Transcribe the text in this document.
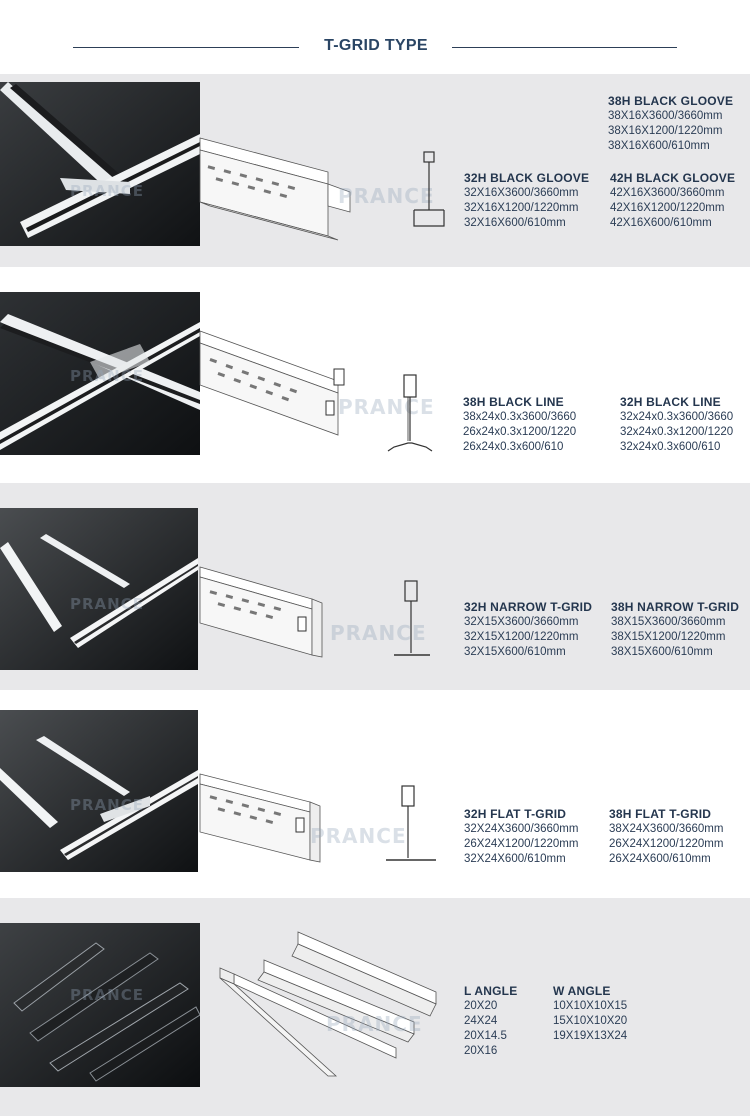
T-GRID TYPE
PRANCE
PRANCE
38H BLACK GLOOVE
38X16X3600/3660mm
38X16X1200/1220mm
38X16X600/610mm
32H BLACK GLOOVE
32X16X3600/3660mm
32X16X1200/1220mm
32X16X600/610mm
42H BLACK GLOOVE
42X16X3600/3660mm
42X16X1200/1220mm
42X16X600/610mm
PRANCE
PRANCE
38H BLACK LINE
38x24x0.3x3600/3660
26x24x0.3x1200/1220
26x24x0.3x600/610
32H BLACK LINE
32x24x0.3x3600/3660
32x24x0.3x1200/1220
32x24x0.3x600/610
PRANCE
PRANCE	32H NARROW T-GRID
32X15X3600/3660mm
32X15X1200/1220mm
32X15X600/610mm
38H NARROW T-GRID
38X15X3600/3660mm
38X15X1200/1220mm
38X15X600/610mm
PRANCE
PRANCE	32H FLAT T-GRID
32X24X3600/3660mm
26X24X1200/1220mm
32X24X600/610mm
38H FLAT T-GRID
38X24X3600/3660mm
26X24X1200/1220mm
26X24X600/610mm
PRANCE
PRANCE	L ANGLE
20X20
24X24
20X14.5
20X16
W ANGLE
10X10X10X15
15X10X10X20
19X19X13X24
